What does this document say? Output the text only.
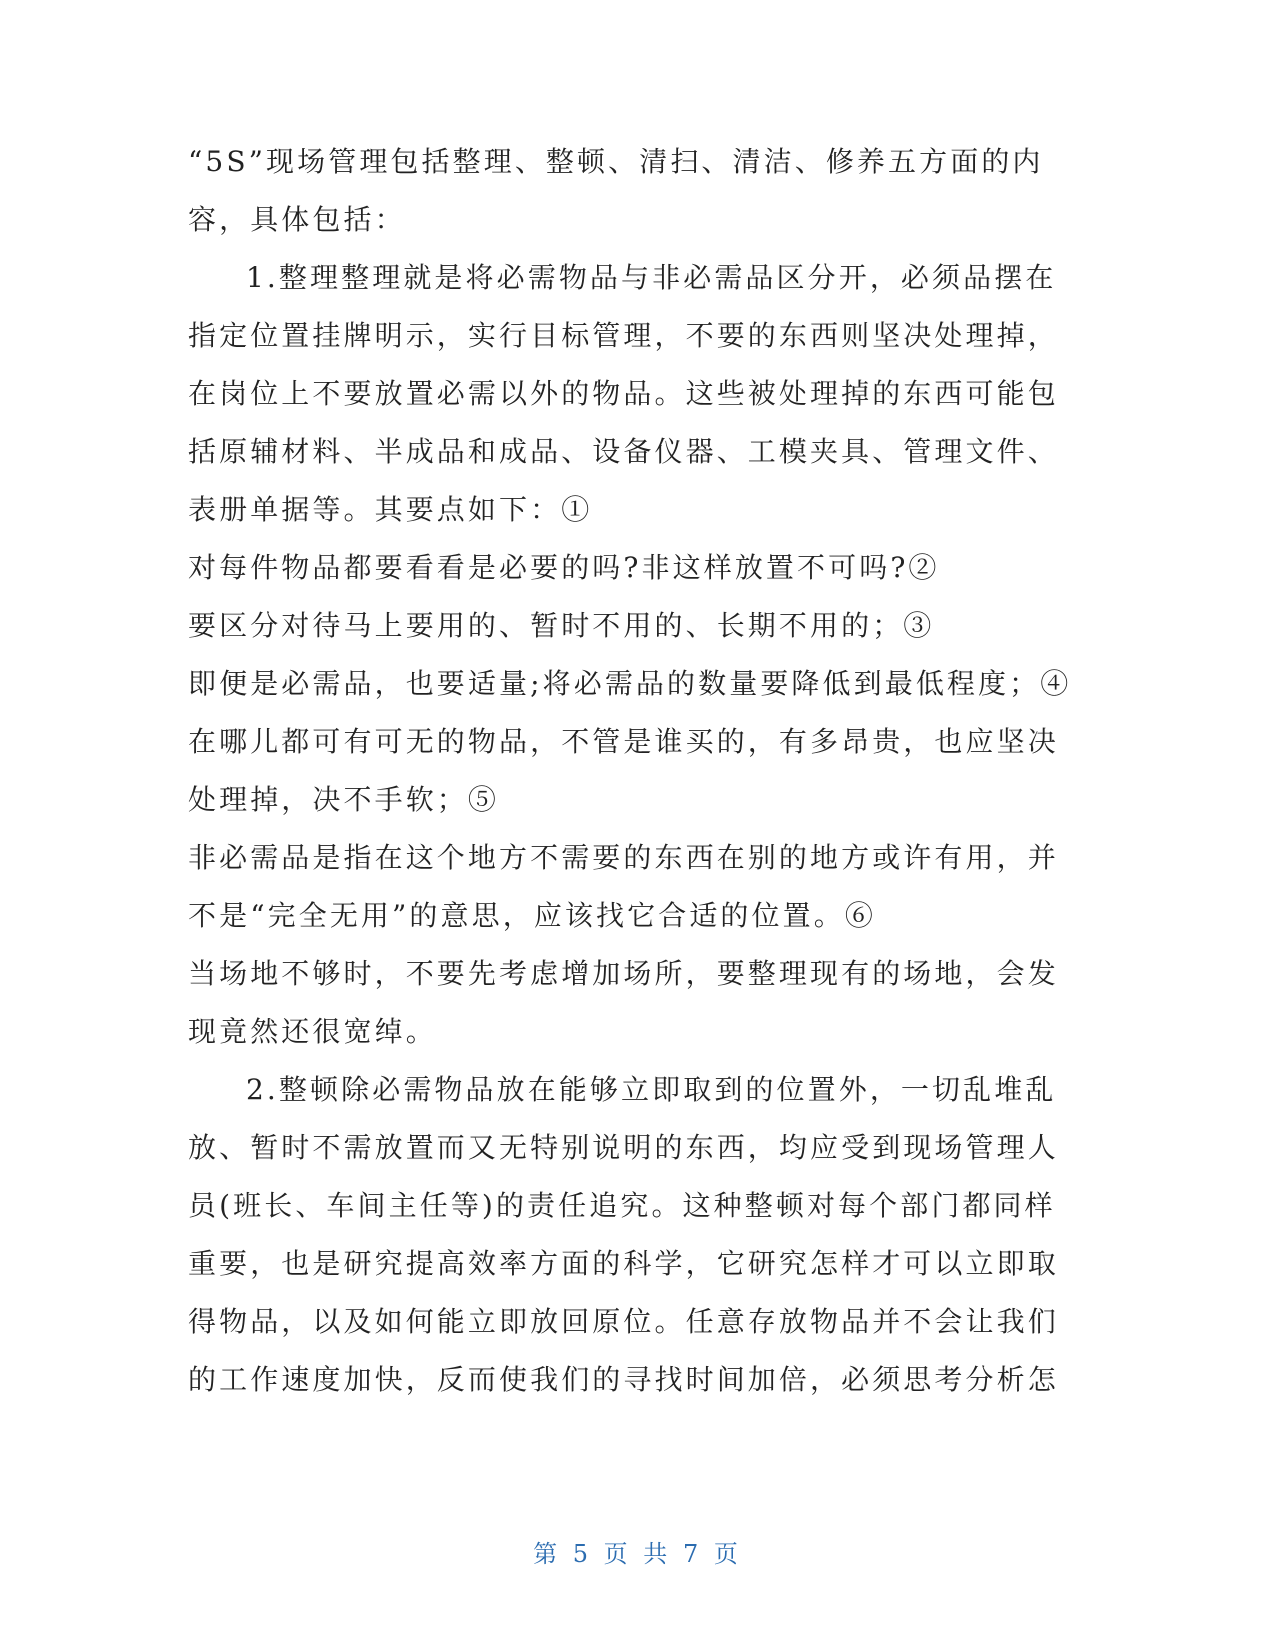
“5S”现场管理包括整理、整顿、清扫、清洁、修养五方面的内
容，具体包括：
1.整理整理就是将必需物品与非必需品区分开，必须品摆在
指定位置挂牌明示，实行目标管理，不要的东西则坚决处理掉，
在岗位上不要放置必需以外的物品。这些被处理掉的东西可能包
括原辅材料、半成品和成品、设备仪器、工模夹具、管理文件、
表册单据等。其要点如下：①
对每件物品都要看看是必要的吗?非这样放置不可吗?②
要区分对待马上要用的、暂时不用的、长期不用的；③
即便是必需品，也要适量;将必需品的数量要降低到最低程度；④
在哪儿都可有可无的物品，不管是谁买的，有多昂贵，也应坚决
处理掉，决不手软；⑤
非必需品是指在这个地方不需要的东西在别的地方或许有用，并
不是“完全无用”的意思，应该找它合适的位置。⑥
当场地不够时，不要先考虑增加场所，要整理现有的场地，会发
现竟然还很宽绰。
2.整顿除必需物品放在能够立即取到的位置外，一切乱堆乱
放、暂时不需放置而又无特别说明的东西，均应受到现场管理人
员(班长、车间主任等)的责任追究。这种整顿对每个部门都同样
重要，也是研究提高效率方面的科学，它研究怎样才可以立即取
得物品，以及如何能立即放回原位。任意存放物品并不会让我们
的工作速度加快，反而使我们的寻找时间加倍，必须思考分析怎
第 5 页 共 7 页
